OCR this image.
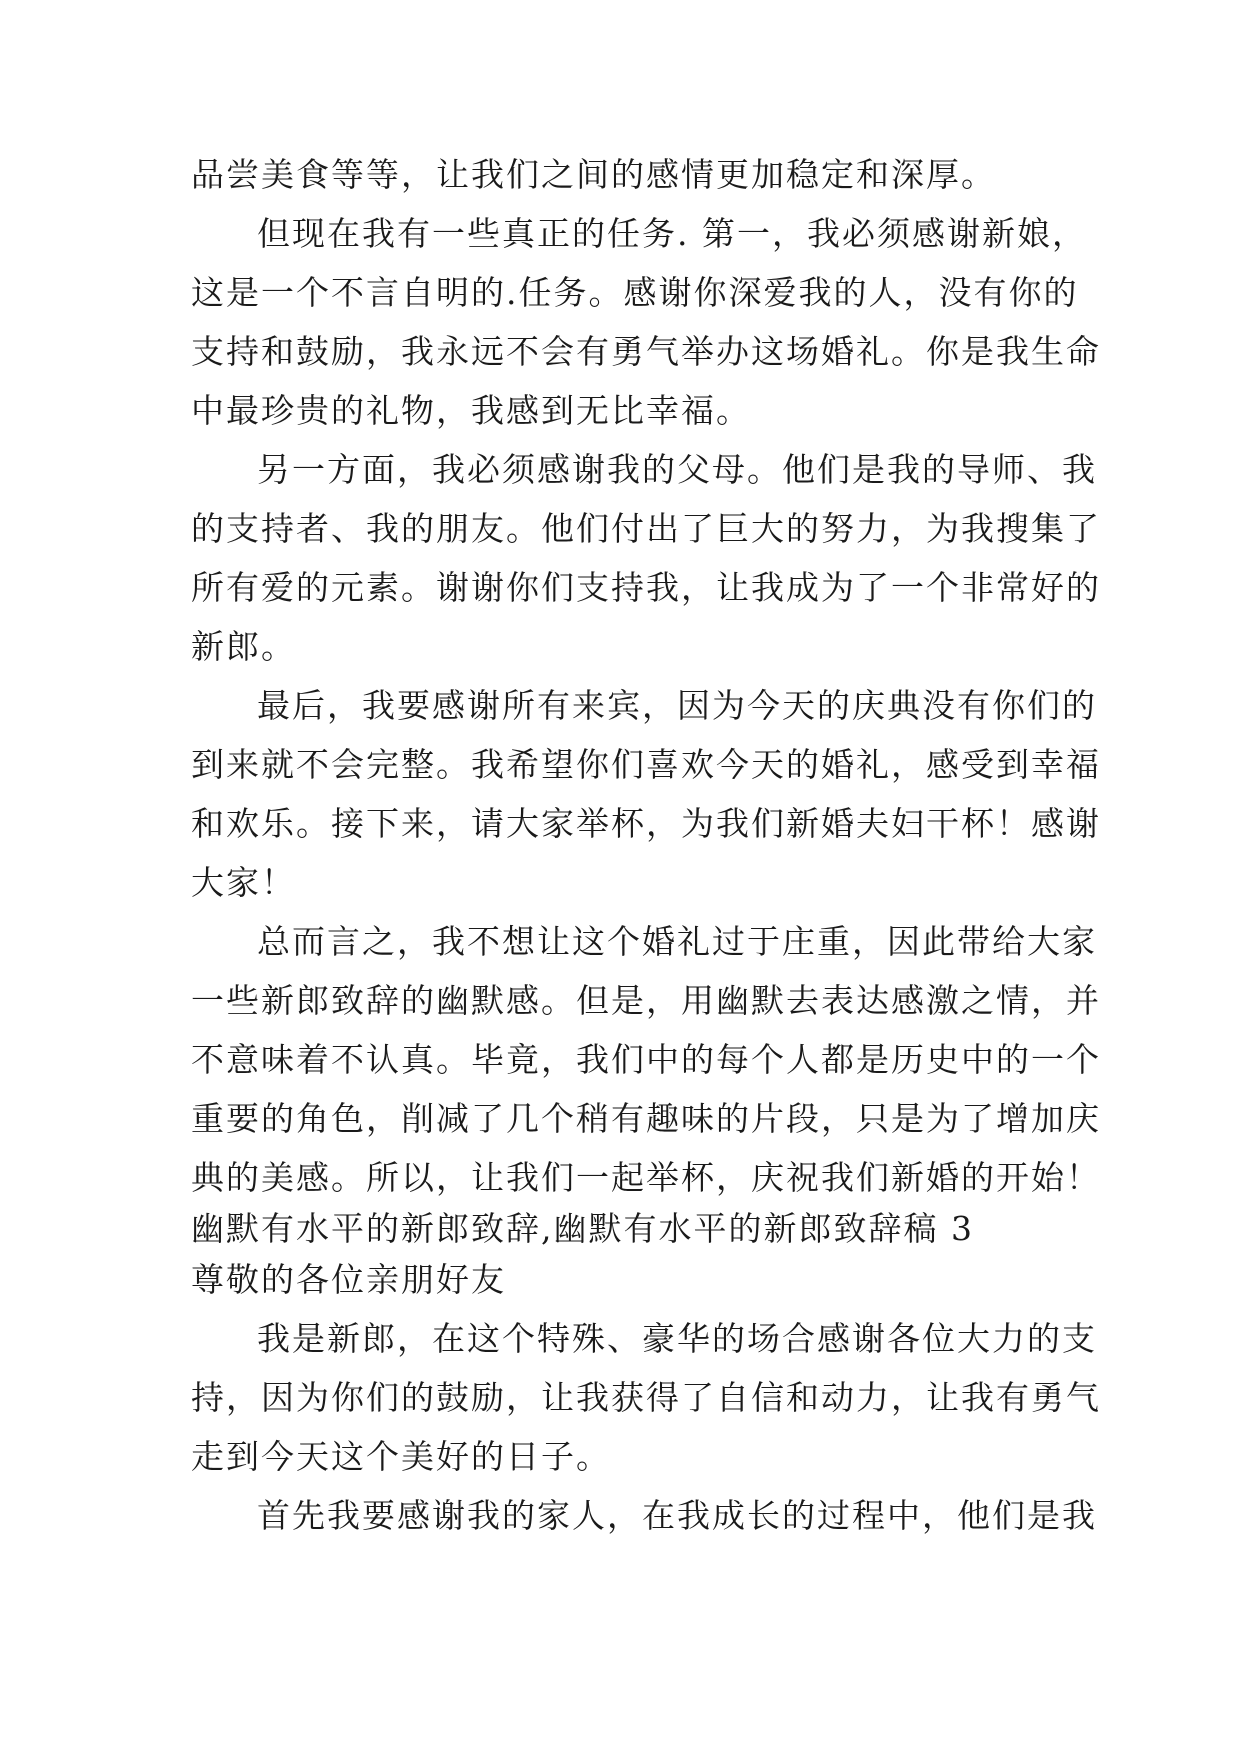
品尝美食等等，让我们之间的感情更加稳定和深厚。
但现在我有一些真正的任务. 第一，我必须感谢新娘，
这是一个不言自明的.任务。感谢你深爱我的人，没有你的
支持和鼓励，我永远不会有勇气举办这场婚礼。你是我生命
中最珍贵的礼物，我感到无比幸福。
另一方面，我必须感谢我的父母。他们是我的导师、我
的支持者、我的朋友。他们付出了巨大的努力，为我搜集了
所有爱的元素。谢谢你们支持我，让我成为了一个非常好的
新郎。
最后，我要感谢所有来宾，因为今天的庆典没有你们的
到来就不会完整。我希望你们喜欢今天的婚礼，感受到幸福
和欢乐。接下来，请大家举杯，为我们新婚夫妇干杯！感谢
大家！
总而言之，我不想让这个婚礼过于庄重，因此带给大家
一些新郎致辞的幽默感。但是，用幽默去表达感激之情，并
不意味着不认真。毕竟，我们中的每个人都是历史中的一个
重要的角色，削减了几个稍有趣味的片段，只是为了增加庆
典的美感。所以，让我们一起举杯，庆祝我们新婚的开始！
幽默有水平的新郎致辞,幽默有水平的新郎致辞稿 3
尊敬的各位亲朋好友
我是新郎，在这个特殊、豪华的场合感谢各位大力的支
持，因为你们的鼓励，让我获得了自信和动力，让我有勇气
走到今天这个美好的日子。
首先我要感谢我的家人，在我成长的过程中，他们是我
